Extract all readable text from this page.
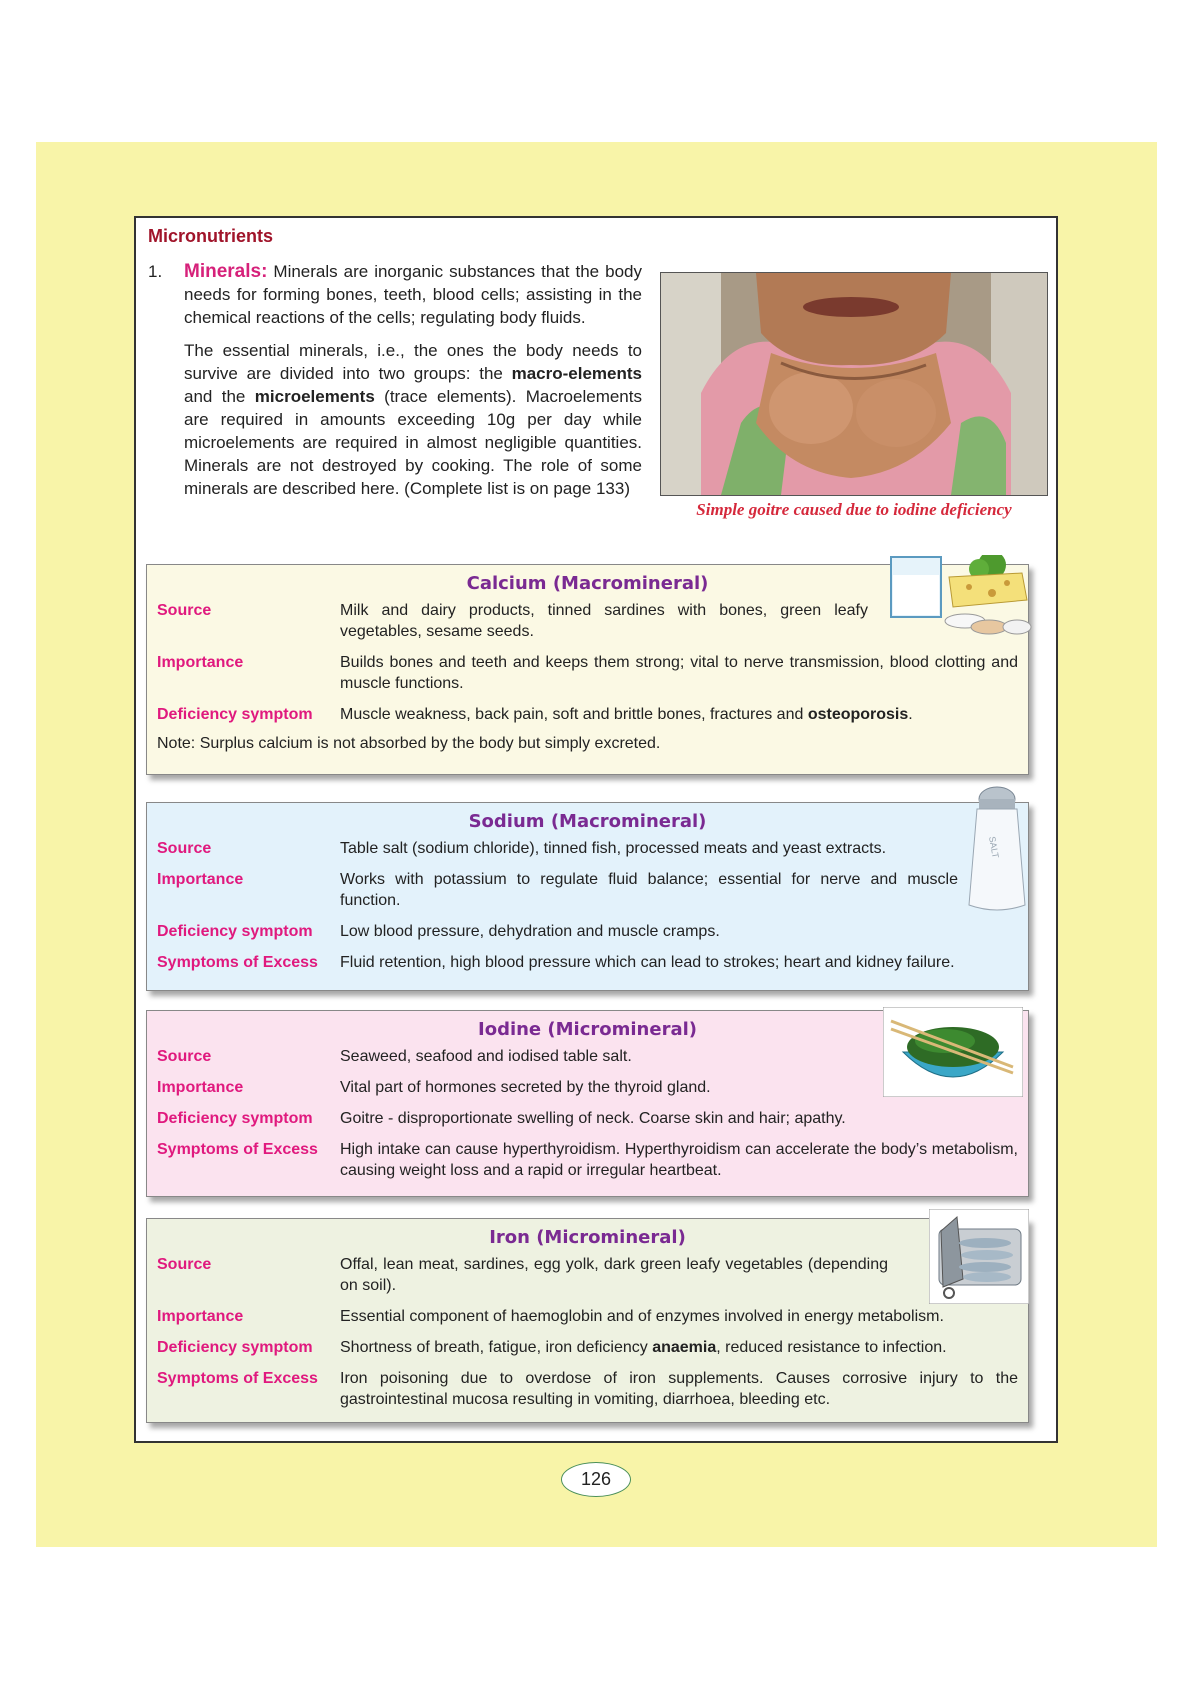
Micronutrients
1. Minerals: Minerals are inorganic substances that the body needs for forming bones, teeth, blood cells; assisting in the chemical reactions of the cells; regulating body fluids.

The essential minerals, i.e., the ones the body needs to survive are divided into two groups: the macro-elements and the microelements (trace elements). Macroelements are required in amounts exceeding 10g per day while microelements are required in almost negligible quantities. Minerals are not destroyed by cooking. The role of some minerals are described here. (Complete list is on page 133)

Simple goitre caused due to iodine deficiency
Calcium (Macromineral)
Source	Milk and dairy products, tinned sardines with bones, green leafy vegetables, sesame seeds.
Importance	Builds bones and teeth and keeps them strong; vital to nerve transmission, blood clotting and muscle functions.
Deficiency symptom	Muscle weakness, back pain, soft and brittle bones, fractures and osteoporosis.
Note: Surplus calcium is not absorbed by the body but simply excreted.
Sodium (Macromineral)
Source	Table salt (sodium chloride), tinned fish, processed meats and yeast extracts.
Importance	Works with potassium to regulate fluid balance; essential for nerve and muscle function.
Deficiency symptom	Low blood pressure, dehydration and muscle cramps.
Symptoms of Excess	Fluid retention, high blood pressure which can lead to strokes; heart and kidney failure.
SALT
Iodine (Micromineral)
Source	Seaweed, seafood and iodised table salt.
Importance	Vital part of hormones secreted by the thyroid gland.
Deficiency symptom	Goitre - disproportionate swelling of neck. Coarse skin and hair; apathy.
Symptoms of Excess	High intake can cause hyperthyroidism. Hyperthyroidism can accelerate the body’s metabolism, causing weight loss and a rapid or irregular heartbeat.
Iron (Micromineral)
Source	Offal, lean meat, sardines, egg yolk, dark green leafy vegetables (depending on soil).
Importance	Essential component of haemoglobin and of enzymes involved in energy metabolism.
Deficiency symptom	Shortness of breath, fatigue, iron deficiency anaemia, reduced resistance to infection.
Symptoms of Excess	Iron poisoning due to overdose of iron supplements. Causes corrosive injury to the gastrointestinal mucosa resulting in vomiting, diarrhoea, bleeding etc.
126
